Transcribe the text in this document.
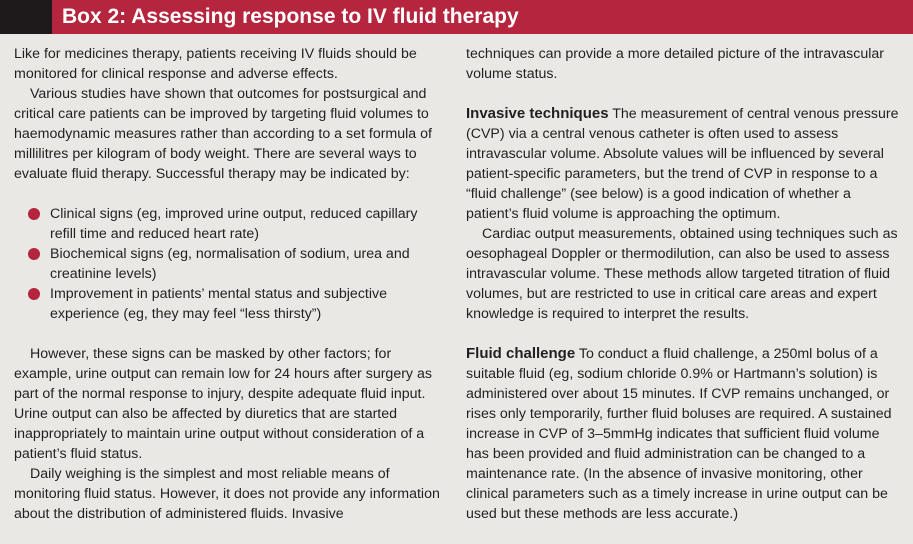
Box 2: Assessing response to IV fluid therapy

Like for medicines therapy, patients receiving IV fluids should be monitored for clinical response and adverse effects.

Various studies have shown that outcomes for postsurgical and critical care patients can be improved by targeting fluid volumes to haemodynamic measures rather than according to a set formula of millilitres per kilogram of body weight. There are several ways to evaluate fluid therapy. Successful therapy may be indicated by:

Clinical signs (eg, improved urine output, reduced capillary refill time and reduced heart rate)
Biochemical signs (eg, normalisation of sodium, urea and creatinine levels)
Improvement in patients’ mental status and subjective experience (eg, they may feel “less thirsty”)

However, these signs can be masked by other factors; for example, urine output can remain low for 24 hours after surgery as part of the normal response to injury, despite adequate fluid input. Urine output can also be affected by diuretics that are started inappropriately to maintain urine output without consideration of a patient’s fluid status.

Daily weighing is the simplest and most reliable means of monitoring fluid status. However, it does not provide any information about the distribution of administered fluids. Invasive

techniques can provide a more detailed picture of the intravascular volume status.

Invasive techniques The measurement of central venous pressure (CVP) via a central venous catheter is often used to assess intravascular volume. Absolute values will be influenced by several patient-specific parameters, but the trend of CVP in response to a “fluid challenge” (see below) is a good indication of whether a patient’s fluid volume is approaching the optimum.

Cardiac output measurements, obtained using techniques such as oesophageal Doppler or thermodilution, can also be used to assess intravascular volume. These methods allow targeted titration of fluid volumes, but are restricted to use in critical care areas and expert knowledge is required to interpret the results.

Fluid challenge To conduct a fluid challenge, a 250ml bolus of a suitable fluid (eg, sodium chloride 0.9% or Hartmann’s solution) is administered over about 15 minutes. If CVP remains unchanged, or rises only temporarily, further fluid boluses are required. A sustained increase in CVP of 3–5mmHg indicates that sufficient fluid volume has been provided and fluid administration can be changed to a maintenance rate. (In the absence of invasive monitoring, other clinical parameters such as a timely increase in urine output can be used but these methods are less accurate.)
